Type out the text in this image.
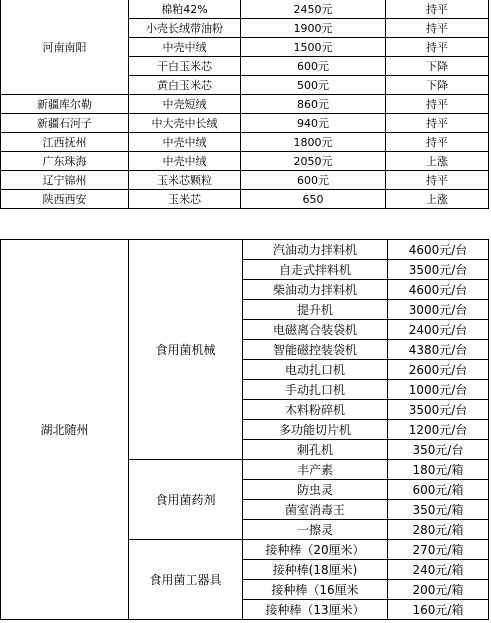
河南南阳	棉粕42%	2450元	持平
	小壳长绒带油粉	1900元	持平
	中壳中绒	1500元	持平
	干白玉米芯	600元	下降
	黄白玉米芯	500元	下降
新疆库尔勒	中壳短绒	860元	持平
新疆石河子	中大壳中长绒	940元	持平
江西抚州	中壳中绒	1800元	持平
广东珠海	中壳中绒	2050元	上涨
辽宁锦州	玉米芯颗粒	600元	持平
陕西西安	玉米芯	650	上涨
湖北随州	食用菌机械	汽油动力拌料机	4600元/台
		自走式拌料机	3500元/台
		柴油动力拌料机	4600元/台
		提升机	3000元/台
		电磁离合装袋机	2400元/台
		智能磁控装袋机	4380元/台
		电动扎口机	2600元/台
		手动扎口机	1000元/台
		木料粉碎机	3500元/台
		多功能切片机	1200元/台
		刺孔机	350元/台
	食用菌药剂	丰产素	180元/箱
		防虫灵	600元/箱
		菌室消毒王	350元/箱
		一擦灵	280元/箱
	食用菌工器具	接种棒（20厘米）	270元/箱
		接种棒(18厘米)	240元/箱
		接种棒（16厘米	200元/箱
		接种棒（13厘米）	160元/箱
